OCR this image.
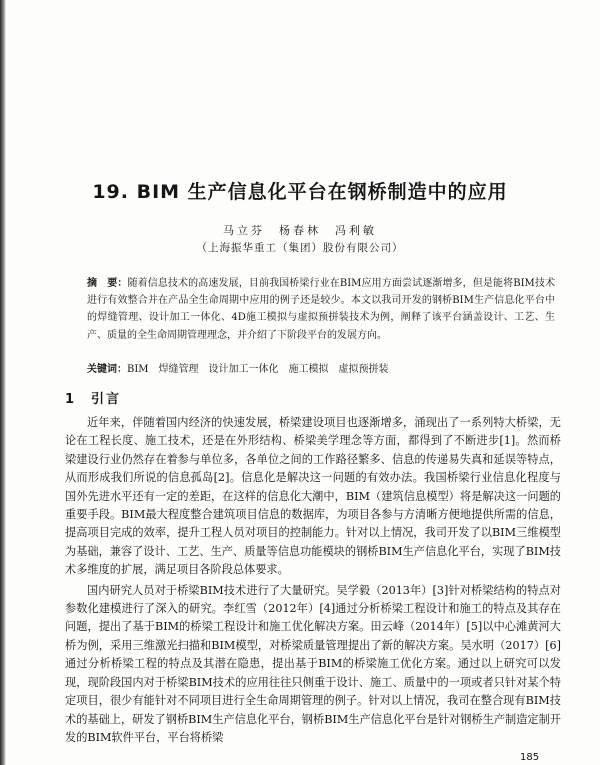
19. BIM 生产信息化平台在钢桥制造中的应用
马立芬　杨春林　冯利敏
（上海振华重工（集团）股份有限公司）
摘　要：随着信息技术的高速发展，目前我国桥梁行业在BIM应用方面尝试逐渐增多，但是能将BIM技术进行有效整合并在产品全生命周期中应用的例子还是较少。本文以我司开发的钢桥BIM生产信息化平台中的焊缝管理、设计加工一体化、4D施工模拟与虚拟预拼装技术为例，阐释了该平台涵盖设计、工艺、生产、质量的全生命周期管理理念，并介绍了下阶段平台的发展方向。
关键词：BIM　焊缝管理　设计加工一体化　施工模拟　虚拟预拼装
1　引言

近年来，伴随着国内经济的快速发展，桥梁建设项目也逐渐增多，涌现出了一系列特大桥梁，无论在工程长度、施工技术，还是在外形结构、桥梁美学理念等方面，都得到了不断进步[1]。然而桥梁建设行业仍然存在着参与单位多，各单位之间的工作路径繁多、信息的传递易失真和延误等特点，从而形成我们所说的信息孤岛[2]。信息化是解决这一问题的有效办法。我国桥梁行业信息化程度与国外先进水平还有一定的差距，在这样的信息化大潮中，BIM（建筑信息模型）将是解决这一问题的重要手段。BIM最大程度整合建筑项目信息的数据库，为项目各参与方清晰方便地提供所需的信息，提高项目完成的效率，提升工程人员对项目的控制能力。针对以上情况，我司开发了以BIM三维模型为基础，兼容了设计、工艺、生产、质量等信息功能模块的钢桥BIM生产信息化平台，实现了BIM技术多维度的扩展，满足项目各阶段总体要求。

国内研究人员对于桥梁BIM技术进行了大量研究。吴学毅（2013年）[3]针对桥梁结构的特点对参数化建模进行了深入的研究。李红雪（2012年）[4]通过分析桥梁工程设计和施工的特点及其存在问题，提出了基于BIM的桥梁工程设计和施工优化解决方案。田云峰（2014年）[5]以中心滩黄河大桥为例，采用三维激光扫描和BIM模型，对桥梁质量管理提出了新的解决方案。吴水明（2017）[6]通过分析桥梁工程的特点及其潜在隐患，提出基于BIM的桥梁施工优化方案。通过以上研究可以发现，现阶段国内对于桥梁BIM技术的应用往往只侧重于设计、施工、质量中的一项或者只针对某个特定项目，很少有能针对不同项目进行全生命周期管理的例子。针对以上情况，我司在整合现有BIM技术的基础上，研发了钢桥BIM生产信息化平台，钢桥BIM生产信息化平台是针对钢桥生产制造定制开发的BIM软件平台，平台将桥梁

185
